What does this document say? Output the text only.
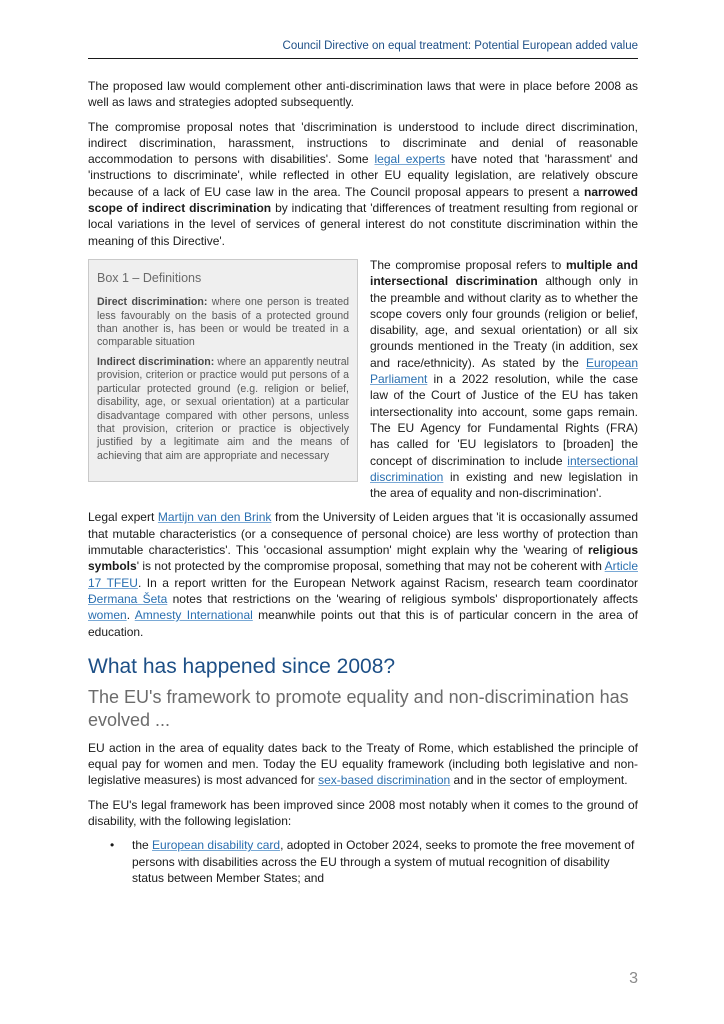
Council Directive on equal treatment: Potential European added value

The proposed law would complement other anti-discrimination laws that were in place before 2008 as well as laws and strategies adopted subsequently.

The compromise proposal notes that 'discrimination is understood to include direct discrimination, indirect discrimination, harassment, instructions to discriminate and denial of reasonable accommodation to persons with disabilities'. Some legal experts have noted that 'harassment' and 'instructions to discriminate', while reflected in other EU equality legislation, are relatively obscure because of a lack of EU case law in the area. The Council proposal appears to present a narrowed scope of indirect discrimination by indicating that 'differences of treatment resulting from regional or local variations in the level of services of general interest do not constitute discrimination within the meaning of this Directive'.

Box 1 – Definitions

Direct discrimination: where one person is treated less favourably on the basis of a protected ground than another is, has been or would be treated in a comparable situation

Indirect discrimination: where an apparently neutral provision, criterion or practice would put persons of a particular protected ground (e.g. religion or belief, disability, age, or sexual orientation) at a particular disadvantage compared with other persons, unless that provision, criterion or practice is objectively justified by a legitimate aim and the means of achieving that aim are appropriate and necessary

The compromise proposal refers to multiple and intersectional discrimination although only in the preamble and without clarity as to whether the scope covers only four grounds (religion or belief, disability, age, and sexual orientation) or all six grounds mentioned in the Treaty (in addition, sex and race/ethnicity). As stated by the European Parliament in a 2022 resolution, while the case law of the Court of Justice of the EU has taken intersectionality into account, some gaps remain. The EU Agency for Fundamental Rights (FRA) has called for 'EU legislators to [broaden] the concept of discrimination to include intersectional discrimination in existing and new legislation in the area of equality and non-discrimination'.

Legal expert Martijn van den Brink from the University of Leiden argues that 'it is occasionally assumed that mutable characteristics (or a consequence of personal choice) are less worthy of protection than immutable characteristics'. This 'occasional assumption' might explain why the 'wearing of religious symbols' is not protected by the compromise proposal, something that may not be coherent with Article 17 TFEU. In a report written for the European Network against Racism, research team coordinator Đermana Šeta notes that restrictions on the 'wearing of religious symbols' disproportionately affects women. Amnesty International meanwhile points out that this is of particular concern in the area of education.

What has happened since 2008?
The EU's framework to promote equality and non-discrimination has evolved ...

EU action in the area of equality dates back to the Treaty of Rome, which established the principle of equal pay for women and men. Today the EU equality framework (including both legislative and non-legislative measures) is most advanced for sex-based discrimination and in the sector of employment.

The EU's legal framework has been improved since 2008 most notably when it comes to the ground of disability, with the following legislation:

• the European disability card, adopted in October 2024, seeks to promote the free movement of persons with disabilities across the EU through a system of mutual recognition of disability status between Member States; and
3
